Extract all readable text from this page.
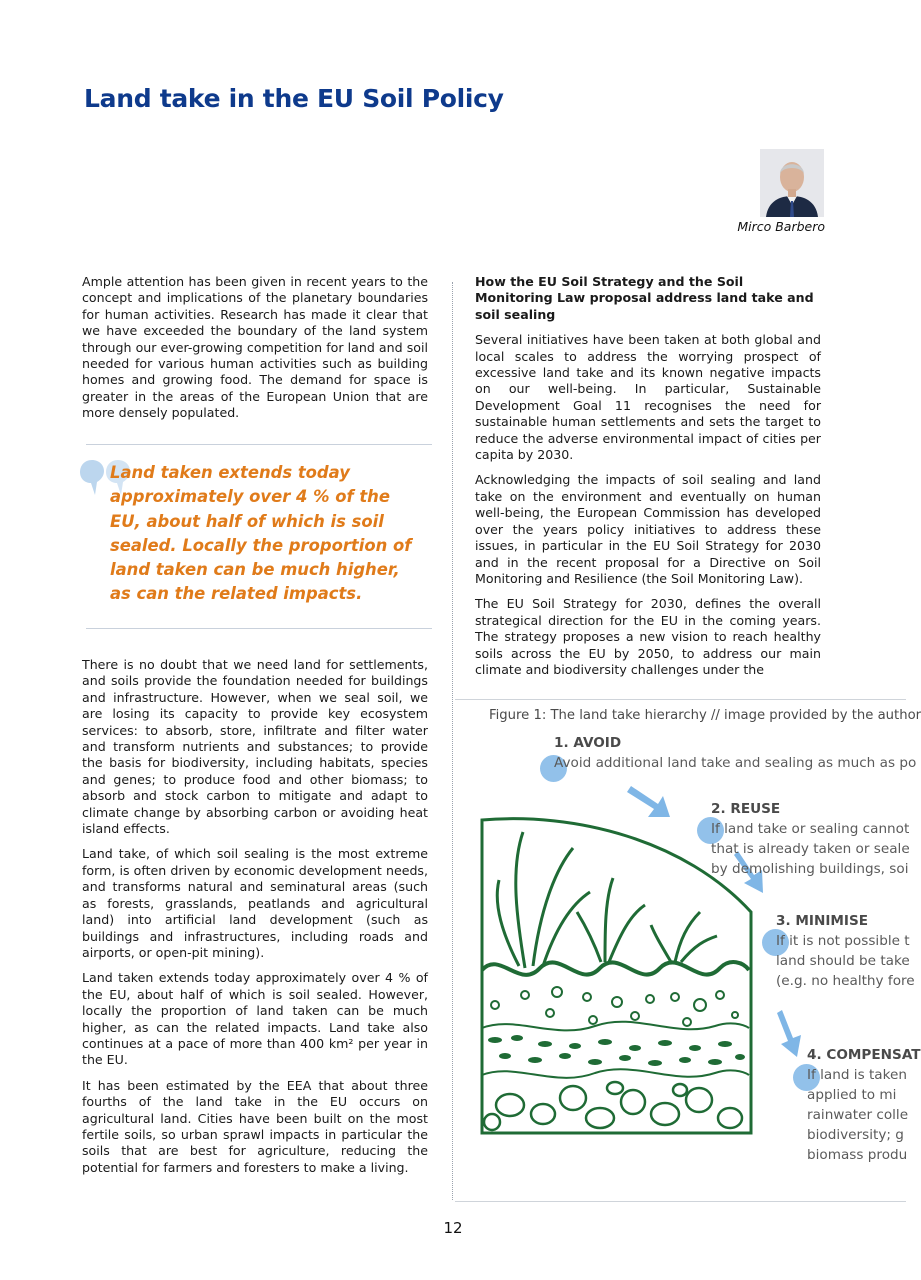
Land take in the EU Soil Policy
Mirco Barbero

Ample attention has been given in recent years to the concept and implications of the planetary boundaries for human activities. Research has made it clear that we have exceeded the boundary of the land system through our ever-growing competition for land and soil needed for various human activities such as building homes and growing food. The demand for space is greater in the areas of the European Union that are more densely populated.

Land taken extends today approximately over 4 % of the EU, about half of which is soil sealed. Locally the proportion of land taken can be much higher, as can the related impacts.

There is no doubt that we need land for settlements, and soils provide the foundation needed for buildings and infrastructure. However, when we seal soil, we are losing its capacity to provide key ecosystem services: to absorb, store, infiltrate and filter water and transform nutrients and substances; to provide the basis for biodiversity, including habitats, species and genes; to produce food and other biomass; to absorb and stock carbon to mitigate and adapt to climate change by absorbing carbon or avoiding heat island effects.

Land take, of which soil sealing is the most extreme form, is often driven by economic development needs, and transforms natural and seminatural areas (such as forests, grasslands, peatlands and agricultural land) into artificial land development (such as buildings and infrastructures, including roads and airports, or open-pit mining).

Land taken extends today approximately over 4 % of the EU, about half of which is soil sealed. However, locally the proportion of land taken can be much higher, as can the related impacts. Land take also continues at a pace of more than 400 km² per year in the EU.

It has been estimated by the EEA that about three fourths of the land take in the EU occurs on agricultural land. Cities have been built on the most fertile soils, so urban sprawl impacts in particular the soils that are best for agriculture, reducing the potential for farmers and foresters to make a living.

How the EU Soil Strategy and the Soil Monitoring Law proposal address land take and soil sealing

Several initiatives have been taken at both global and local scales to address the worrying prospect of excessive land take and its known negative impacts on our well-being. In particular, Sustainable Development Goal 11 recognises the need for sustainable human settlements and sets the target to reduce the adverse environmental impact of cities per capita by 2030.

Acknowledging the impacts of soil sealing and land take on the environment and eventually on human well-being, the European Commission has developed over the years policy initiatives to address these issues, in particular in the EU Soil Strategy for 2030 and in the recent proposal for a Directive on Soil Monitoring and Resilience (the Soil Monitoring Law).

The EU Soil Strategy for 2030, defines the overall strategical direction for the EU in the coming years. The strategy proposes a new vision to reach healthy soils across the EU by 2050, to address our main climate and biodiversity challenges under the

Figure 1: The land take hierarchy // image provided by the author
1. AVOID
Avoid additional land take and sealing as much as po
2. REUSE
If land take or sealing cannot
that is already taken or seale
by demolishing buildings, soi
3. MINIMISE
If it is not possible t
land should be take
(e.g. no healthy fore
4. COMPENSAT
If land is taken
applied to mi
rainwater colle
biodiversity; g
biomass produ
12
